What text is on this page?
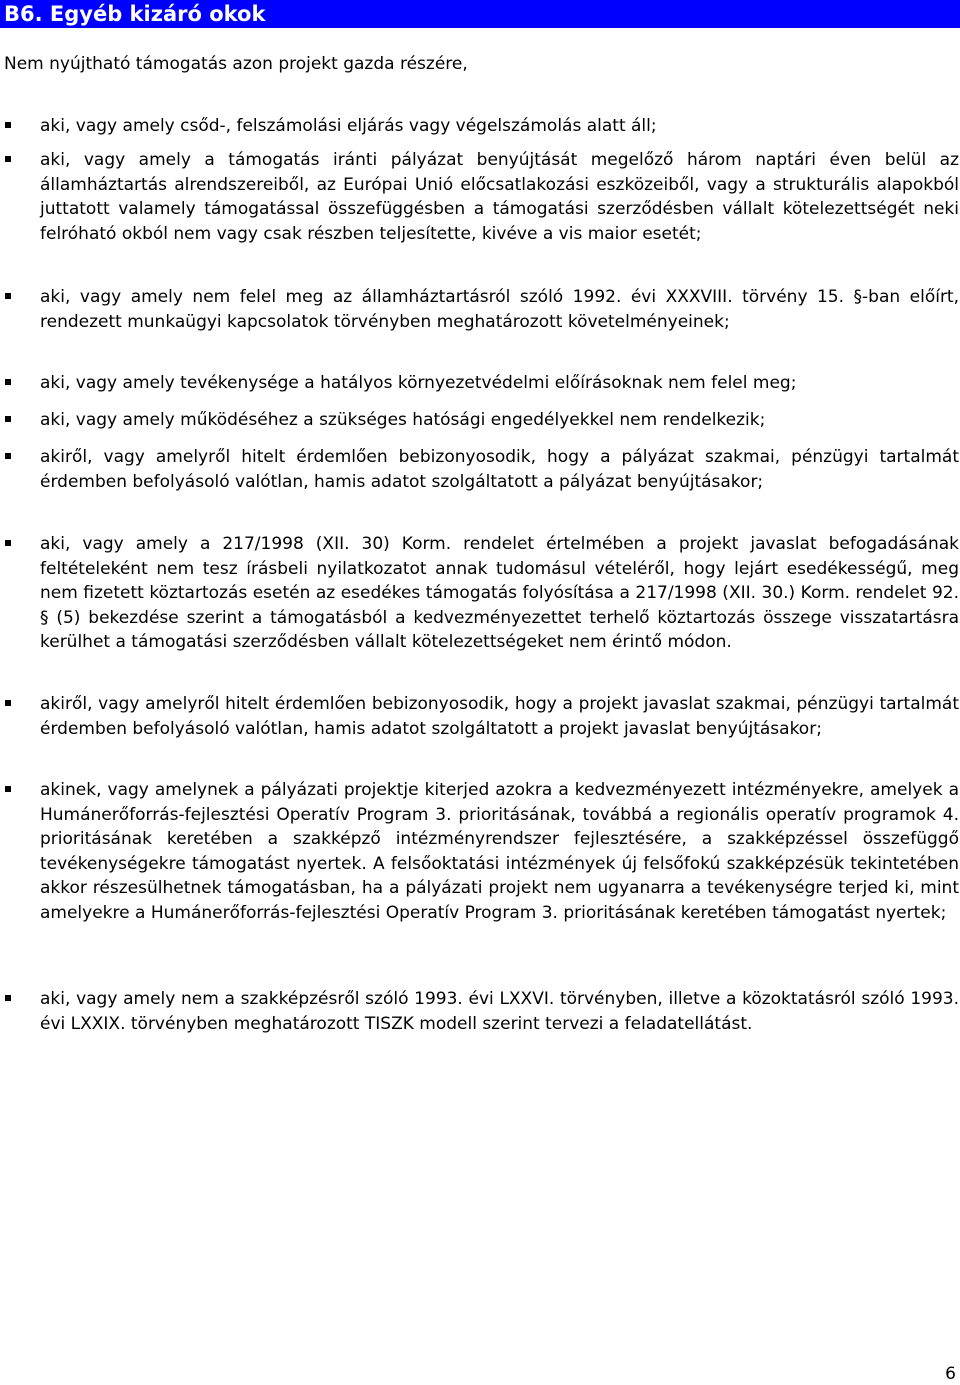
B6. Egyéb kizáró okok
Nem nyújtható támogatás azon projekt gazda részére,
aki, vagy amely csőd-, felszámolási eljárás vagy végelszámolás alatt áll;
aki, vagy amely a támogatás iránti pályázat benyújtását megelőző három naptári éven belül az államháztartás alrendszereiből, az Európai Unió előcsatlakozási eszközeiből, vagy a strukturális alapokból juttatott valamely támogatással összefüggésben a támogatási szerződésben vállalt kötelezettségét neki felróható okból nem vagy csak részben teljesítette, kivéve a vis maior esetét;
aki, vagy amely nem felel meg az államháztartásról szóló 1992. évi XXXVIII. törvény 15. §-ban előírt, rendezett munkaügyi kapcsolatok törvényben meghatározott követelményeinek;
aki, vagy amely tevékenysége a hatályos környezetvédelmi előírásoknak nem felel meg;
aki, vagy amely működéséhez a szükséges hatósági engedélyekkel nem rendelkezik;
akiről, vagy amelyről hitelt érdemlően bebizonyosodik, hogy a pályázat szakmai, pénzügyi tartalmát érdemben befolyásoló valótlan, hamis adatot szolgáltatott a pályázat benyújtásakor;
aki, vagy amely a 217/1998 (XII. 30) Korm. rendelet értelmében a projekt javaslat befogadásának feltételeként nem tesz írásbeli nyilatkozatot annak tudomásul vételéről, hogy lejárt esedékességű, meg nem fizetett köztartozás esetén az esedékes támogatás folyósítása a 217/1998 (XII. 30.) Korm. rendelet 92. § (5) bekezdése szerint a támogatásból a kedvezményezettet terhelő köztartozás összege visszatartásra kerülhet a támogatási szerződésben vállalt kötelezettségeket nem érintő módon.
akiről, vagy amelyről hitelt érdemlően bebizonyosodik, hogy a projekt javaslat szakmai, pénzügyi tartalmát érdemben befolyásoló valótlan, hamis adatot szolgáltatott a projekt javaslat benyújtásakor;
akinek, vagy amelynek a pályázati projektje kiterjed azokra a kedvezményezett intézményekre, amelyek a Humánerőforrás-fejlesztési Operatív Program 3. prioritásának, továbbá a regionális operatív programok 4. prioritásának keretében a szakképző intézményrendszer fejlesztésére, a szakképzéssel összefüggő tevékenységekre támogatást nyertek. A felsőoktatási intézmények új felsőfokú szakképzésük tekintetében akkor részesülhetnek támogatásban, ha a pályázati projekt nem ugyanarra a tevékenységre terjed ki, mint amelyekre a Humánerőforrás-fejlesztési Operatív Program 3. prioritásának keretében támogatást nyertek;
aki, vagy amely nem a szakképzésről szóló 1993. évi LXXVI. törvényben, illetve a közoktatásról szóló 1993. évi LXXIX. törvényben meghatározott TISZK modell szerint tervezi a feladatellátást.
6
